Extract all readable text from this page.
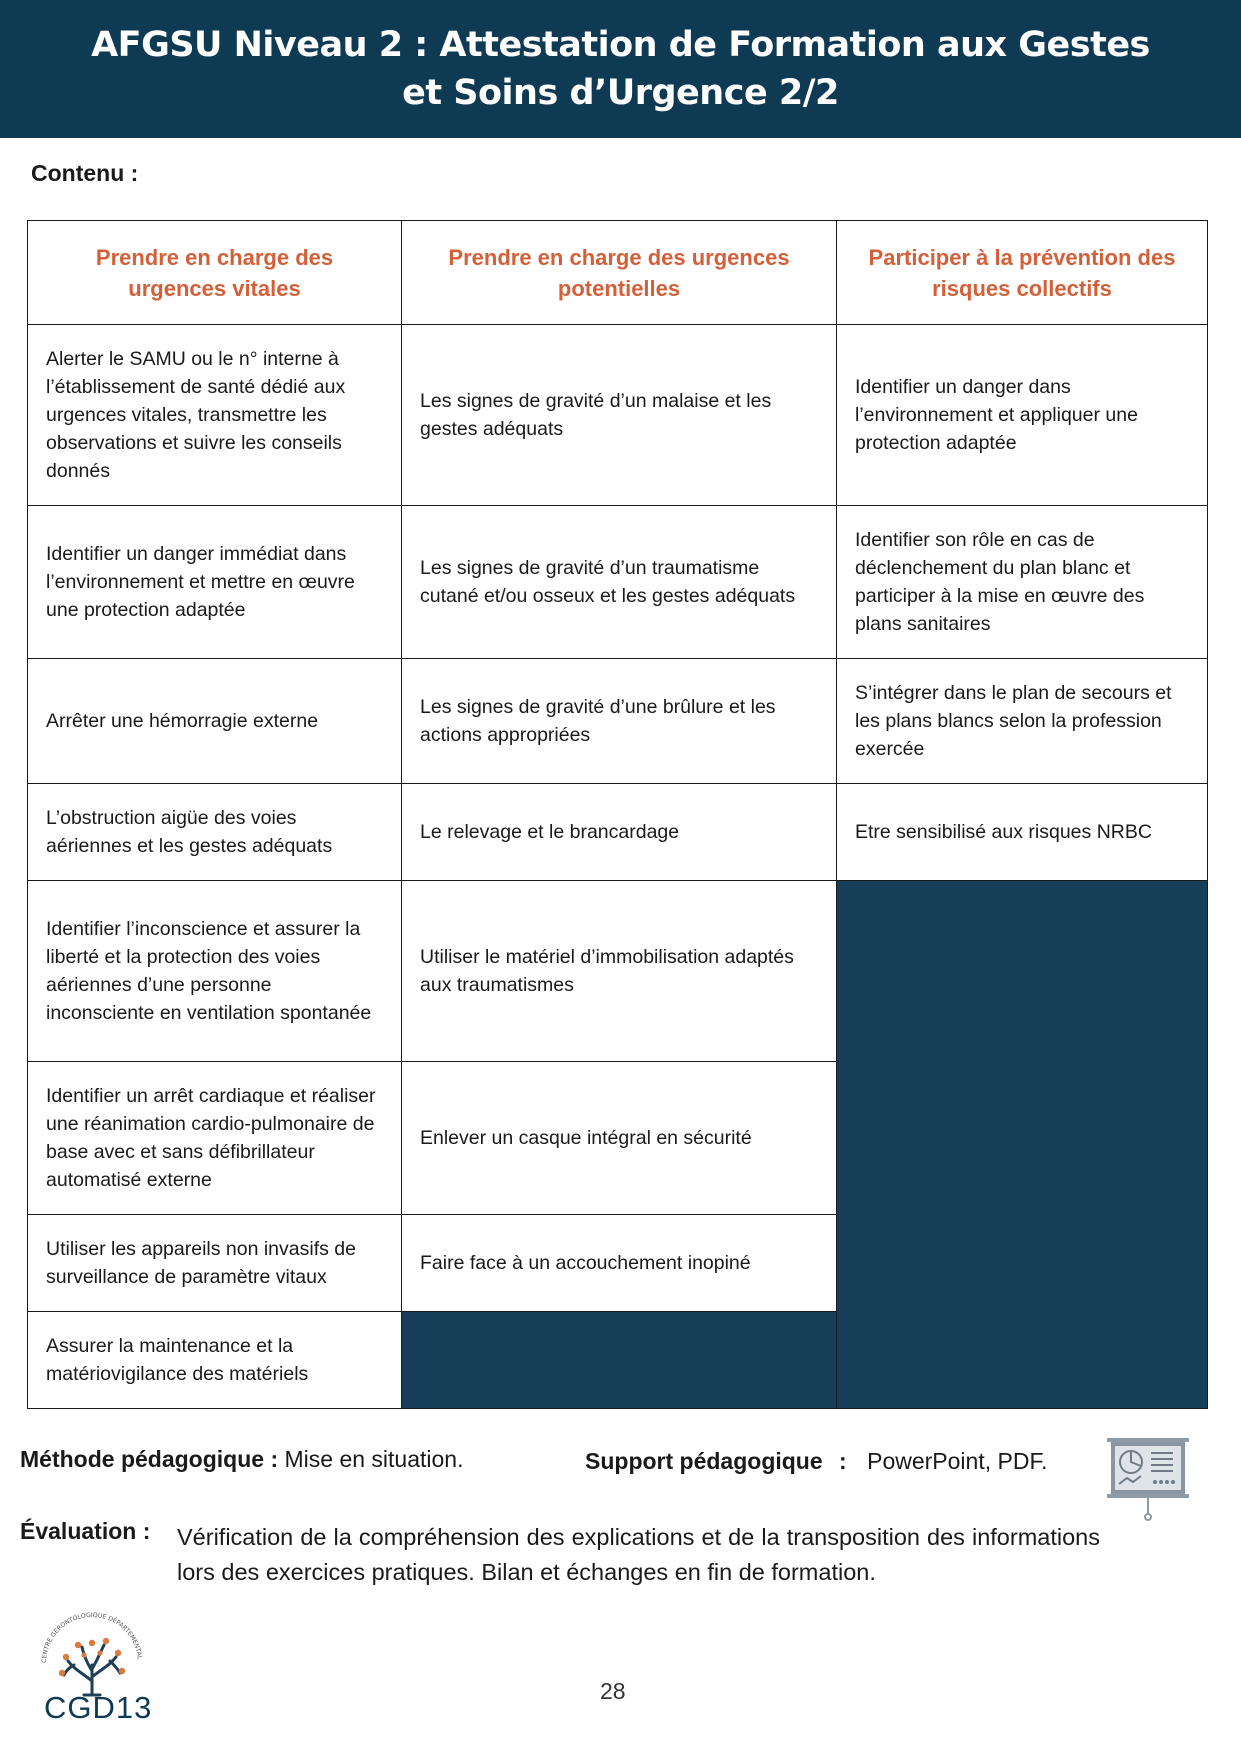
AFGSU Niveau 2 : Attestation de Formation aux Gestes et Soins d’Urgence 2/2
Contenu :
Prendre en charge des urgences vitales	Prendre en charge des urgences potentielles	Participer à la prévention des risques collectifs
Alerter le SAMU ou le n° interne à l’établissement de santé dédié aux urgences vitales, transmettre les observations et suivre les conseils donnés	Les signes de gravité d’un malaise et les gestes adéquats	Identifier un danger dans l’environnement et appliquer une protection adaptée
Identifier un danger immédiat dans l’environnement et mettre en œuvre une protection adaptée	Les signes de gravité d’un traumatisme cutané et/ou osseux et les gestes adéquats	Identifier son rôle en cas de déclenchement du plan blanc et participer à la mise en œuvre des plans sanitaires
Arrêter une hémorragie externe	Les signes de gravité d’une brûlure et les actions appropriées	S’intégrer dans le plan de secours et les plans blancs selon la profession exercée
L’obstruction aigüe des voies aériennes et les gestes adéquats	Le relevage et le brancardage	Etre sensibilisé aux risques NRBC
Identifier l’inconscience et assurer la liberté et la protection des voies aériennes d’une personne inconsciente en ventilation spontanée	Utiliser le matériel d’immobilisation adaptés aux traumatismes	
Identifier un arrêt cardiaque et réaliser une réanimation cardio-pulmonaire de base avec et sans défibrillateur automatisé externe	Enlever un casque intégral en sécurité	
Utiliser les appareils non invasifs de surveillance de paramètre vitaux	Faire face à un accouchement inopiné	
Assurer la maintenance et la matériovigilance des matériels		
Méthode pédagogique : Mise en situation.	Support pédagogique : PowerPoint, PDF.
Évaluation : Vérification de la compréhension des explications et de la transposition des informations lors des exercices pratiques. Bilan et échanges en fin de formation.
CENTRE GÉRONTOLOGIQUE DÉPARTEMENTAL
CGD13	28
